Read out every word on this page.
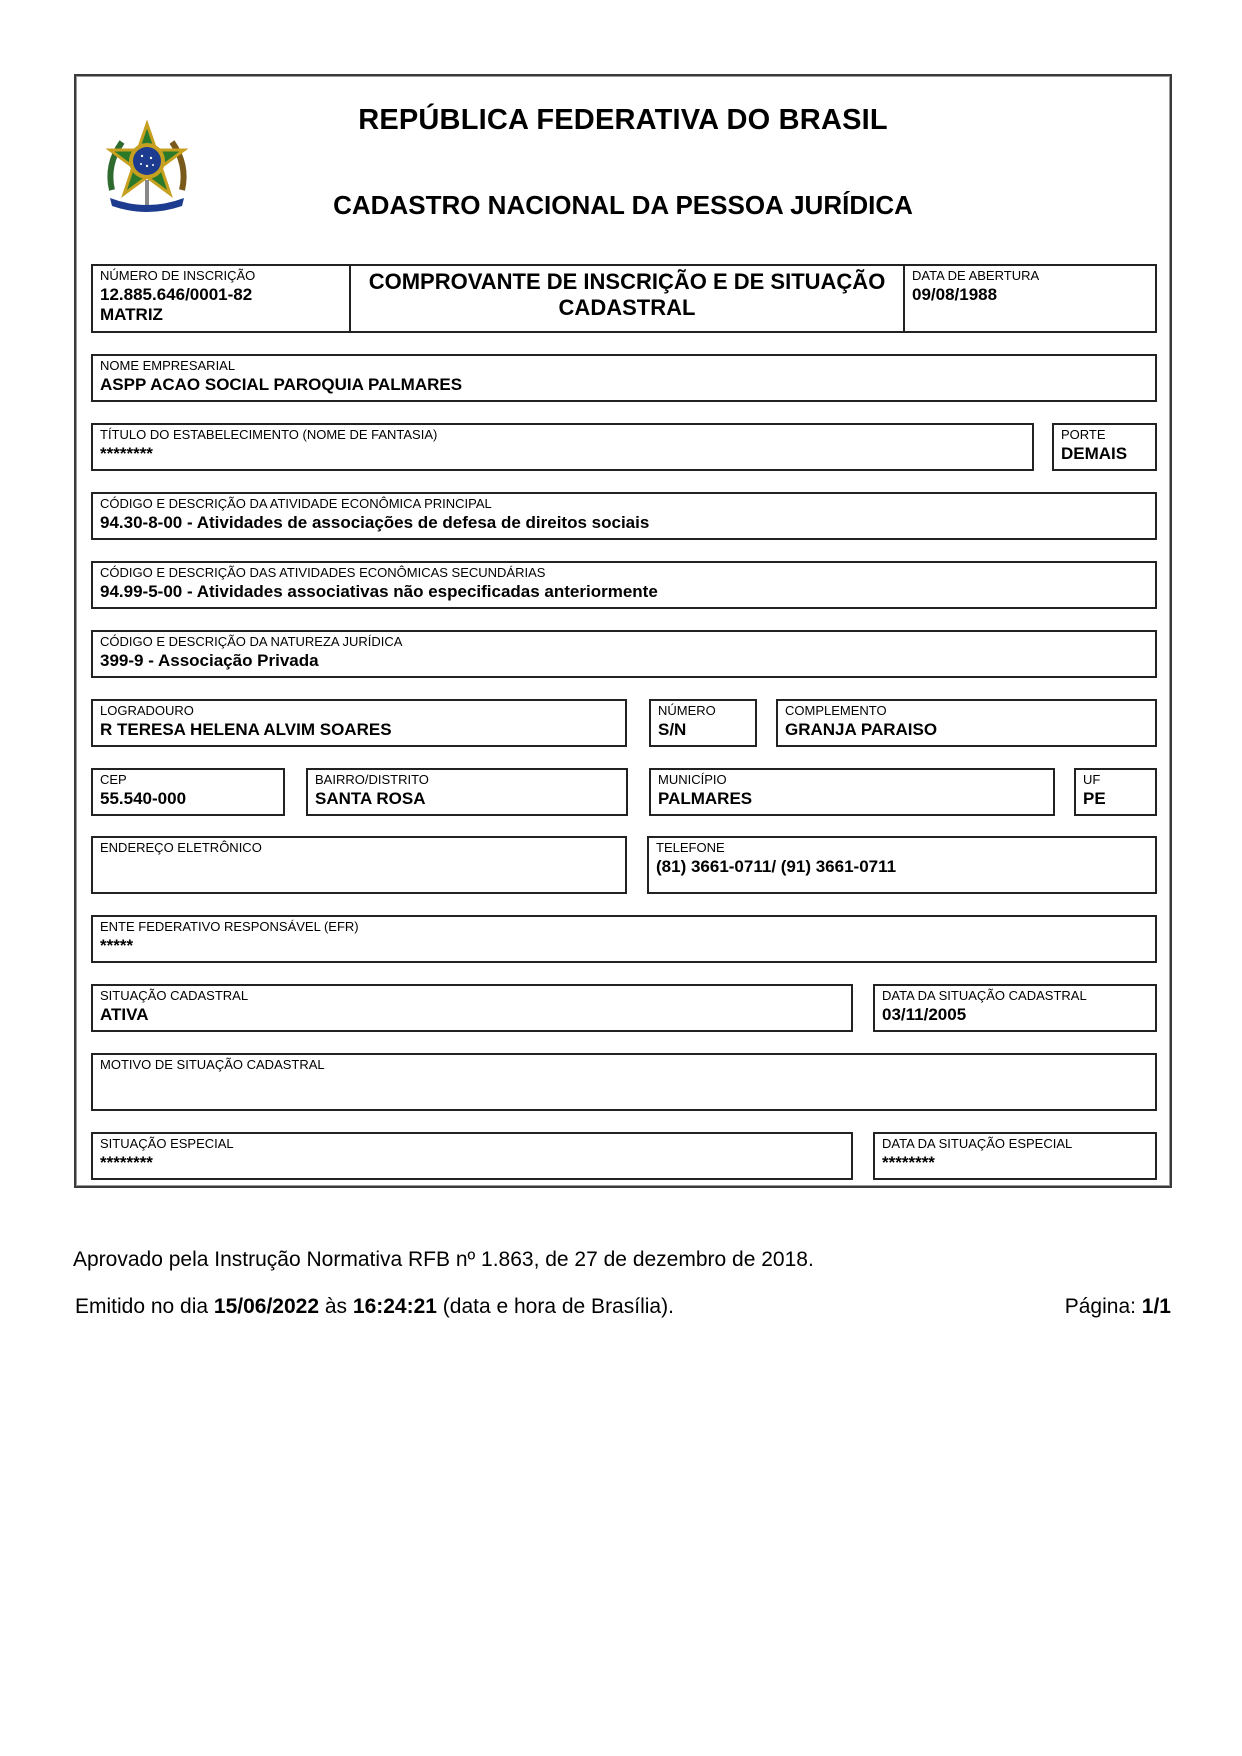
REPÚBLICA FEDERATIVA DO BRASIL
CADASTRO NACIONAL DA PESSOA JURÍDICA
NÚMERO DE INSCRIÇÃO
12.885.646/0001-82
MATRIZ
COMPROVANTE DE INSCRIÇÃO E DE SITUAÇÃO
CADASTRAL
DATA DE ABERTURA
09/08/1988
NOME EMPRESARIAL
ASPP ACAO SOCIAL PAROQUIA PALMARES
TÍTULO DO ESTABELECIMENTO (NOME DE FANTASIA)
********
PORTE
DEMAIS
CÓDIGO E DESCRIÇÃO DA ATIVIDADE ECONÔMICA PRINCIPAL
94.30-8-00 - Atividades de associações de defesa de direitos sociais
CÓDIGO E DESCRIÇÃO DAS ATIVIDADES ECONÔMICAS SECUNDÁRIAS
94.99-5-00 - Atividades associativas não especificadas anteriormente
CÓDIGO E DESCRIÇÃO DA NATUREZA JURÍDICA
399-9 - Associação Privada
LOGRADOURO
R TERESA HELENA ALVIM SOARES
NÚMERO
S/N
COMPLEMENTO
GRANJA PARAISO
CEP
55.540-000
BAIRRO/DISTRITO
SANTA ROSA
MUNICÍPIO
PALMARES
UF
PE
ENDEREÇO ELETRÔNICO	TELEFONE
(81) 3661-0711/ (91) 3661-0711
ENTE FEDERATIVO RESPONSÁVEL (EFR)
*****
SITUAÇÃO CADASTRAL
ATIVA
DATA DA SITUAÇÃO CADASTRAL
03/11/2005
MOTIVO DE SITUAÇÃO CADASTRAL
SITUAÇÃO ESPECIAL
********
DATA DA SITUAÇÃO ESPECIAL
********
Aprovado pela Instrução Normativa RFB nº 1.863, de 27 de dezembro de 2018.
Emitido no dia 15/06/2022 às 16:24:21 (data e hora de Brasília).	Página: 1/1
